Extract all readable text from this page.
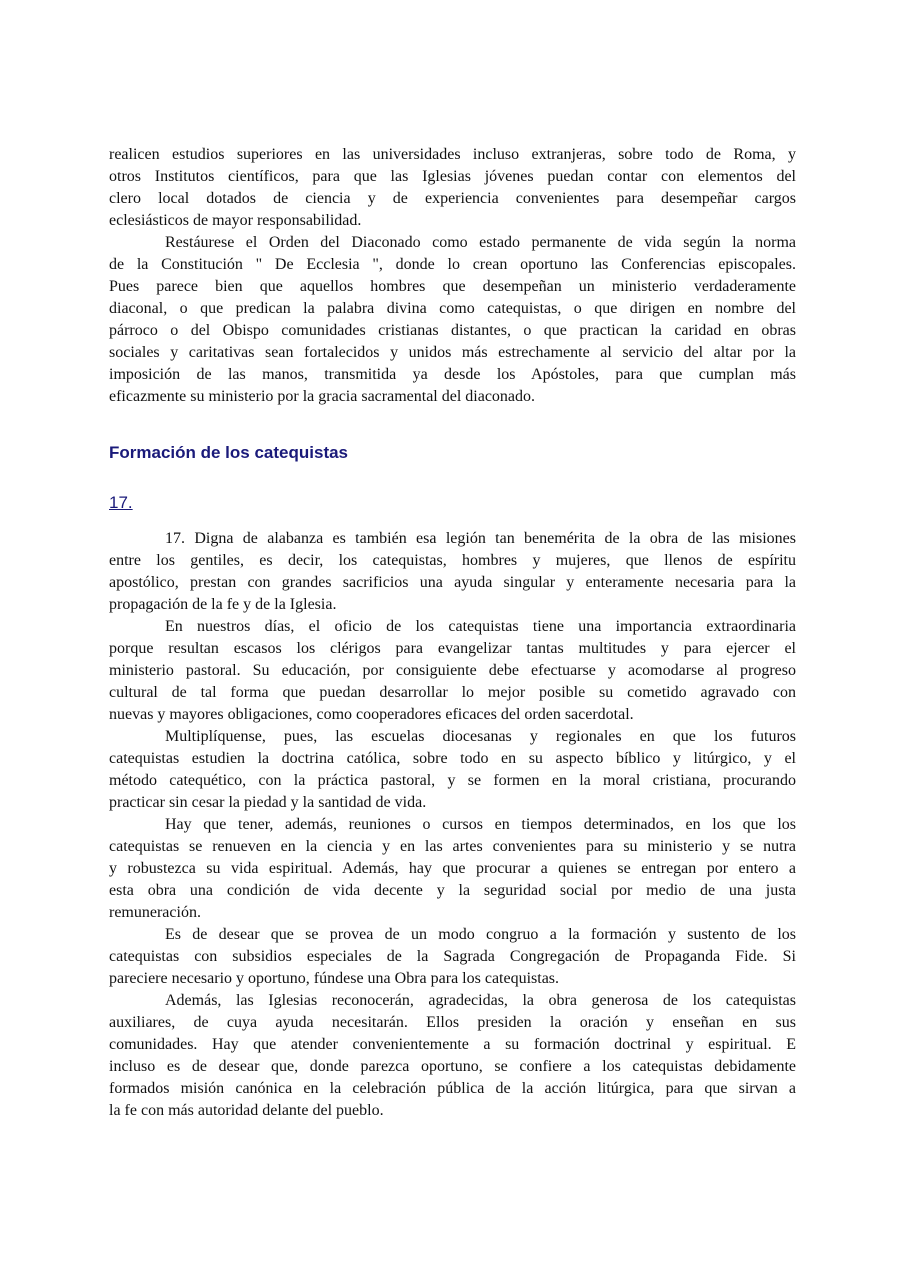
realicen estudios superiores en las universidades incluso extranjeras, sobre todo de Roma, y
otros Institutos científicos, para que las Iglesias jóvenes puedan contar con elementos del
clero local dotados de ciencia y de experiencia convenientes para desempeñar cargos
eclesiásticos de mayor responsabilidad.
Restáurese el Orden del Diaconado como estado permanente de vida según la norma
de la Constitución " De Ecclesia ", donde lo crean oportuno las Conferencias episcopales.
Pues parece bien que aquellos hombres que desempeñan un ministerio verdaderamente
diaconal, o que predican la palabra divina como catequistas, o que dirigen en nombre del
párroco o del Obispo comunidades cristianas distantes, o que practican la caridad en obras
sociales y caritativas sean fortalecidos y unidos más estrechamente al servicio del altar por la
imposición de las manos, transmitida ya desde los Apóstoles, para que cumplan más
eficazmente su ministerio por la gracia sacramental del diaconado.
Formación de los catequistas
17.
17. Digna de alabanza es también esa legión tan benemérita de la obra de las misiones
entre los gentiles, es decir, los catequistas, hombres y mujeres, que llenos de espíritu
apostólico, prestan con grandes sacrificios una ayuda singular y enteramente necesaria para la
propagación de la fe y de la Iglesia.
En nuestros días, el oficio de los catequistas tiene una importancia extraordinaria
porque resultan escasos los clérigos para evangelizar tantas multitudes y para ejercer el
ministerio pastoral. Su educación, por consiguiente debe efectuarse y acomodarse al progreso
cultural de tal forma que puedan desarrollar lo mejor posible su cometido agravado con
nuevas y mayores obligaciones, como cooperadores eficaces del orden sacerdotal.
Multiplíquense, pues, las escuelas diocesanas y regionales en que los futuros
catequistas estudien la doctrina católica, sobre todo en su aspecto bíblico y litúrgico, y el
método catequético, con la práctica pastoral, y se formen en la moral cristiana, procurando
practicar sin cesar la piedad y la santidad de vida.
Hay que tener, además, reuniones o cursos en tiempos determinados, en los que los
catequistas se renueven en la ciencia y en las artes convenientes para su ministerio y se nutra
y robustezca su vida espiritual. Además, hay que procurar a quienes se entregan por entero a
esta obra una condición de vida decente y la seguridad social por medio de una justa
remuneración.
Es de desear que se provea de un modo congruo a la formación y sustento de los
catequistas con subsidios especiales de la Sagrada Congregación de Propaganda Fide. Si
pareciere necesario y oportuno, fúndese una Obra para los catequistas.
Además, las Iglesias reconocerán, agradecidas, la obra generosa de los catequistas
auxiliares, de cuya ayuda necesitarán. Ellos presiden la oración y enseñan en sus
comunidades. Hay que atender convenientemente a su formación doctrinal y espiritual. E
incluso es de desear que, donde parezca oportuno, se confiere a los catequistas debidamente
formados misión canónica en la celebración pública de la acción litúrgica, para que sirvan a
la fe con más autoridad delante del pueblo.
